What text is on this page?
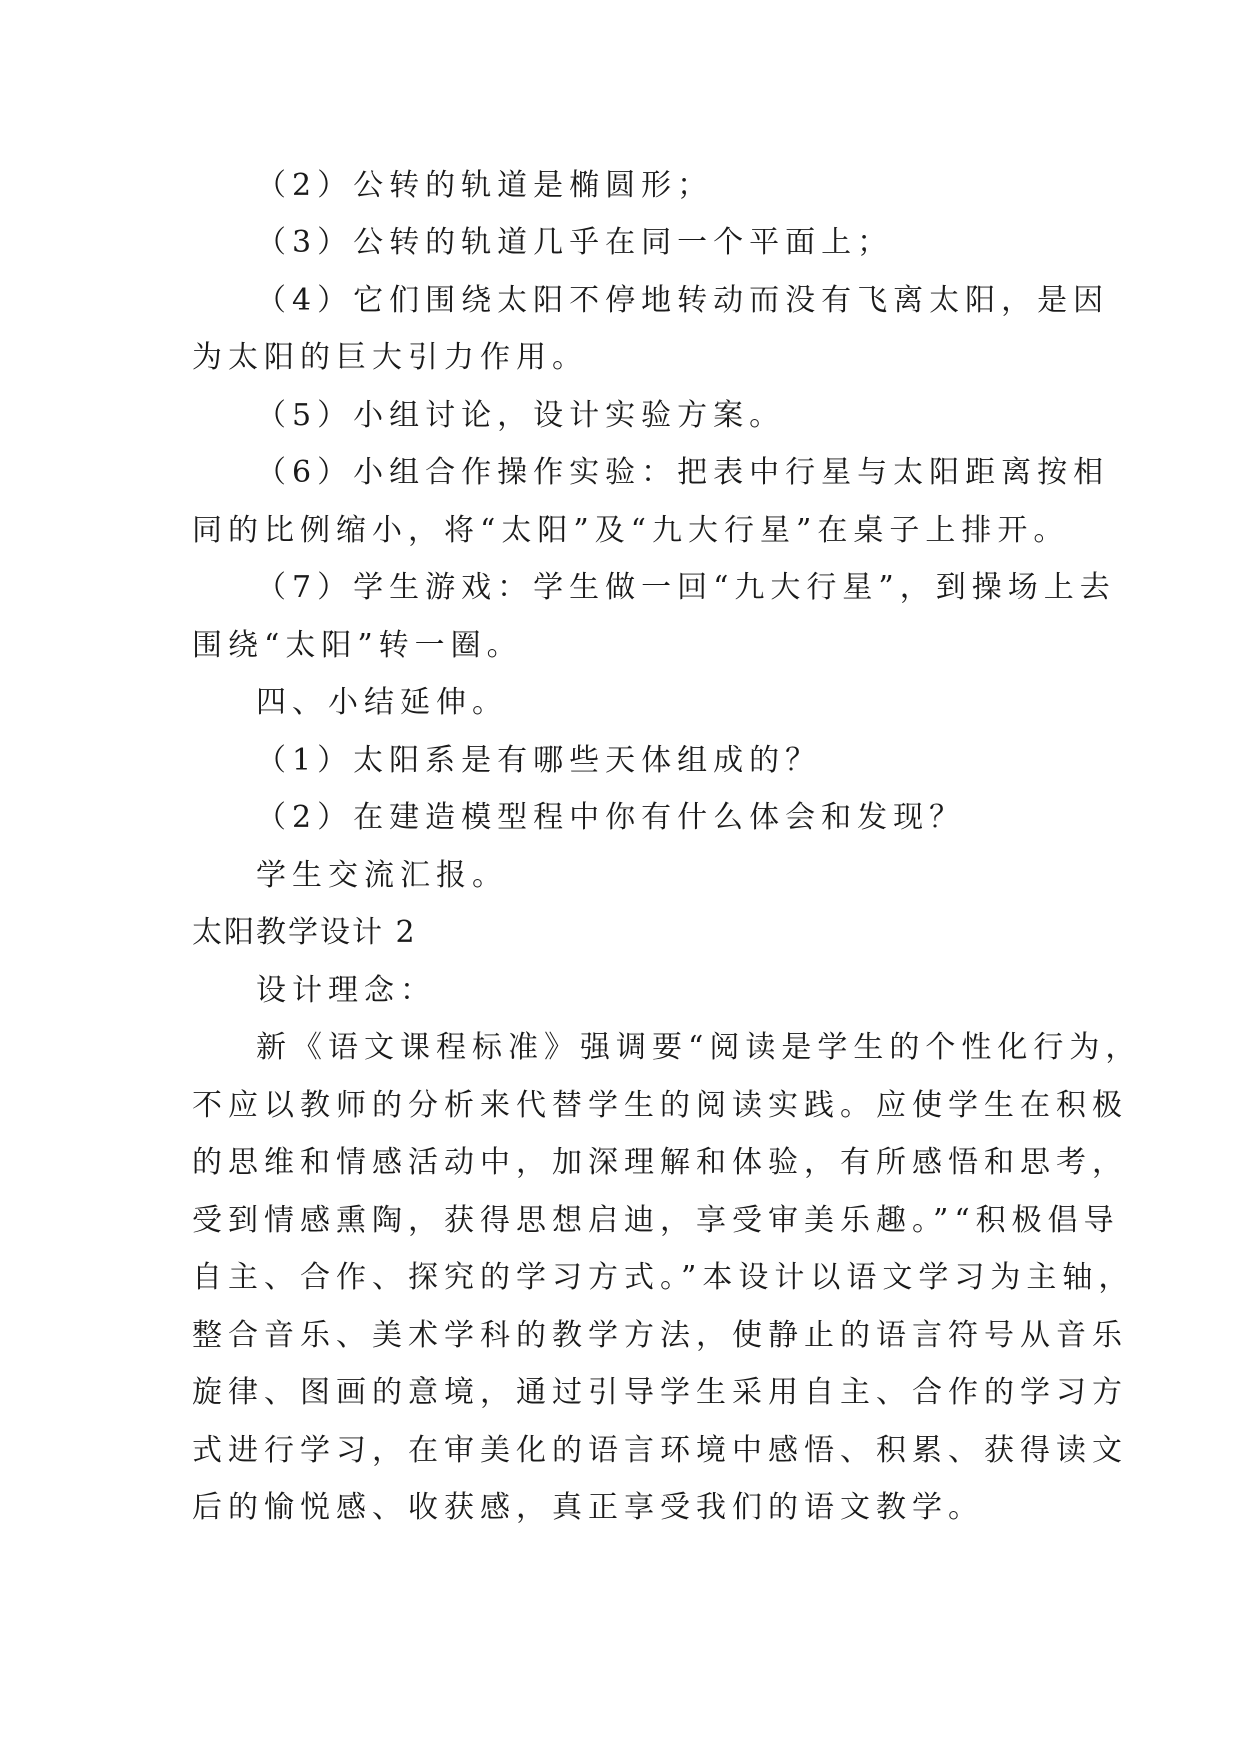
（2）公转的轨道是椭圆形；
（3）公转的轨道几乎在同一个平面上；
（4）它们围绕太阳不停地转动而没有飞离太阳，是因
为太阳的巨大引力作用。
（5）小组讨论，设计实验方案。
（6）小组合作操作实验：把表中行星与太阳距离按相
同的比例缩小，将“太阳”及“九大行星”在桌子上排开。
（7）学生游戏：学生做一回“九大行星”，到操场上去
围绕“太阳”转一圈。
四、小结延伸。
（1）太阳系是有哪些天体组成的？
（2）在建造模型程中你有什么体会和发现？
学生交流汇报。
太阳教学设计 2
设计理念：
新《语文课程标准》强调要“阅读是学生的个性化行为，
不应以教师的分析来代替学生的阅读实践。应使学生在积极
的思维和情感活动中，加深理解和体验，有所感悟和思考，
受到情感熏陶，获得思想启迪，享受审美乐趣。”“积极倡导
自主、合作、探究的学习方式。”本设计以语文学习为主轴，
整合音乐、美术学科的教学方法，使静止的语言符号从音乐
旋律、图画的意境，通过引导学生采用自主、合作的学习方
式进行学习，在审美化的语言环境中感悟、积累、获得读文
后的愉悦感、收获感，真正享受我们的语文教学。
